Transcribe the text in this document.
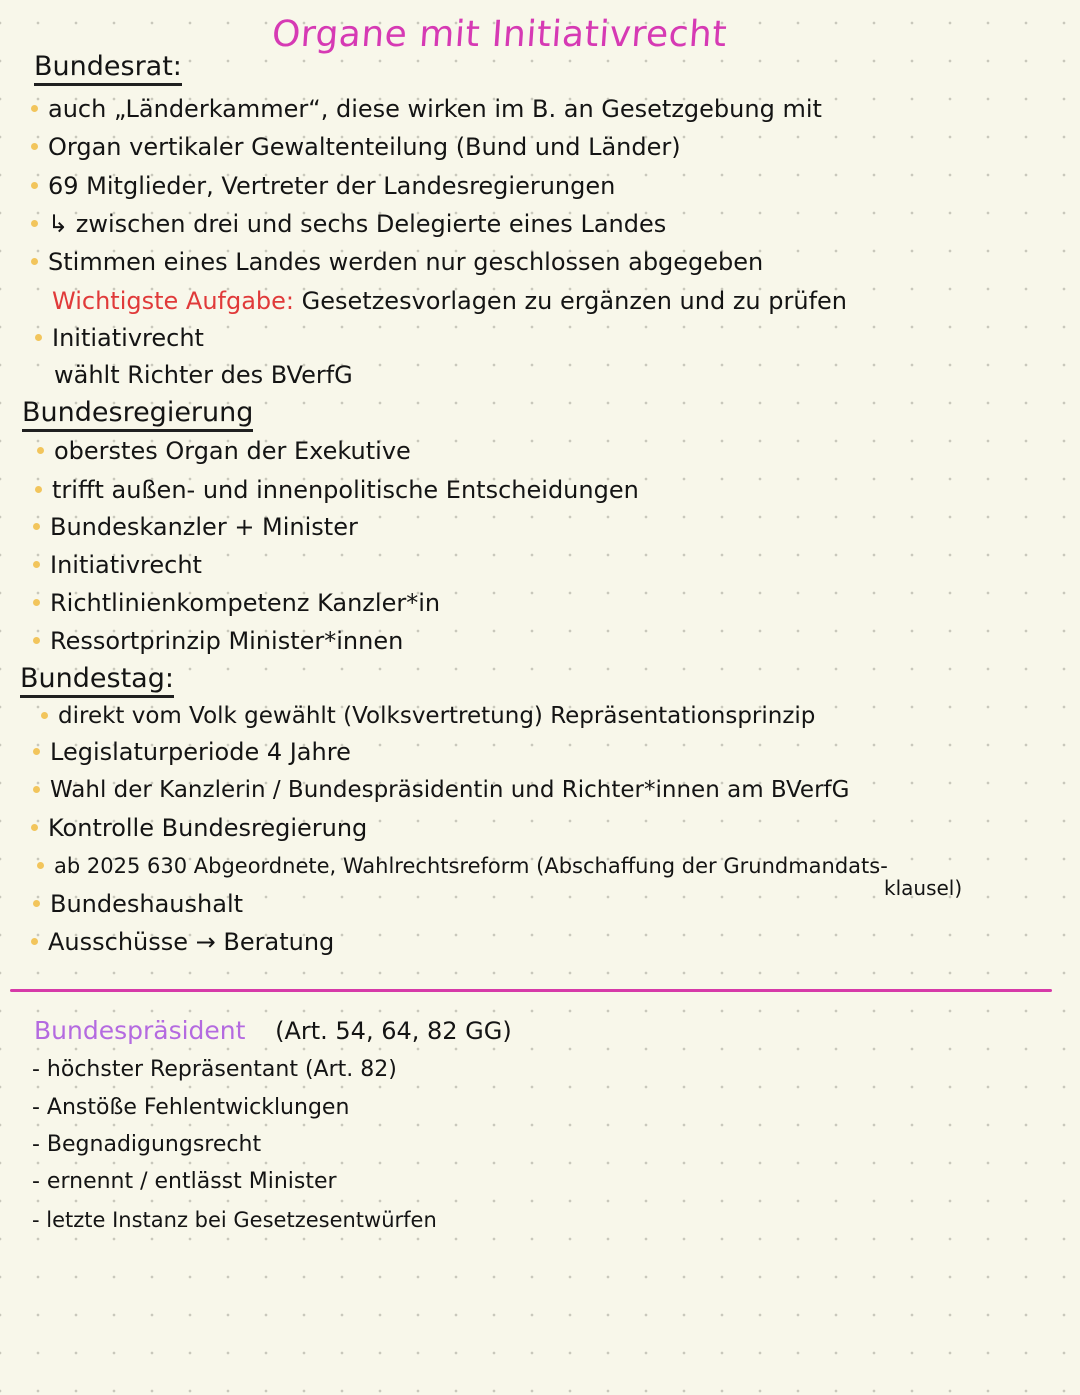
Organe mit Initiativrecht
Bundesrat:
auch „Länderkammer“, diese wirken im B. an Gesetzgebung mit
Organ vertikaler Gewaltenteilung (Bund und Länder)
69 Mitglieder, Vertreter der Landesregierungen
↳ zwischen drei und sechs Delegierte eines Landes
Stimmen eines Landes werden nur geschlossen abgegeben
Wichtigste Aufgabe: Gesetzesvorlagen zu ergänzen und zu prüfen
Initiativrecht
wählt Richter des BVerfG
Bundesregierung
oberstes Organ der Exekutive
trifft außen- und innenpolitische Entscheidungen
Bundeskanzler + Minister
Initiativrecht
Richtlinienkompetenz Kanzler*in
Ressortprinzip Minister*innen
Bundestag:
direkt vom Volk gewählt (Volksvertretung) Repräsentationsprinzip
Legislaturperiode 4 Jahre
Wahl der Kanzlerin / Bundespräsidentin und Richter*innen am BVerfG
Kontrolle Bundesregierung
ab 2025 630 Abgeordnete, Wahlrechtsreform (Abschaffung der Grundmandats-
klausel)
Bundeshaushalt
Ausschüsse → Beratung
Bundespräsident (Art. 54, 64, 82 GG)
- höchster Repräsentant (Art. 82)
- Anstöße Fehlentwicklungen
- Begnadigungsrecht
- ernennt / entlässt Minister
- letzte Instanz bei Gesetzesentwürfen
